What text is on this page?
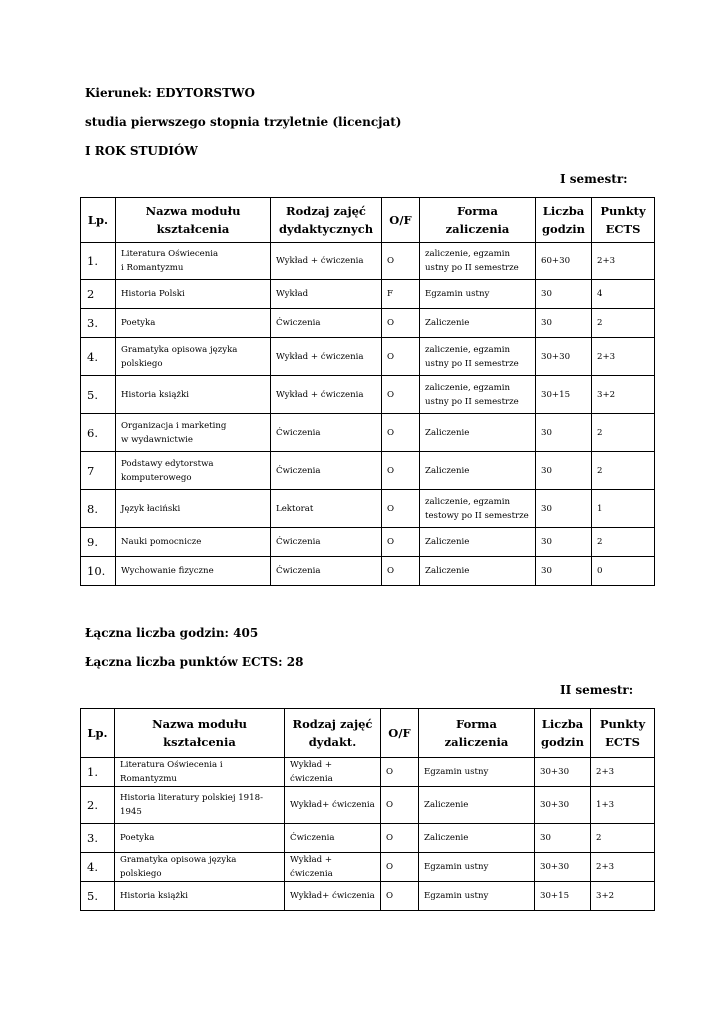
Kierunek: EDYTORSTWO
studia pierwszego stopnia trzyletnie (licencjat)
I ROK STUDIÓW
I semestr:
Lp.	Nazwa modułu
kształcenia	Rodzaj zajęć
dydaktycznych	O/F	Forma zaliczenia	Liczba
godzin	Punkty
ECTS
1.	Literatura Oświecenia
i Romantyzmu	Wykład + ćwiczenia	O	zaliczenie, egzamin
ustny po II semestrze	60+30	2+3
2	Historia Polski	Wykład	F	Egzamin ustny	30	4
3.	Poetyka	Ćwiczenia	O	Zaliczenie	30	2
4.	Gramatyka opisowa języka
polskiego	Wykład + ćwiczenia	O	zaliczenie, egzamin
ustny po II semestrze	30+30	2+3
5.	Historia książki	Wykład + ćwiczenia	O	zaliczenie, egzamin
ustny po II semestrze	30+15	3+2
6.	Organizacja i marketing
w wydawnictwie	Ćwiczenia	O	Zaliczenie	30	2
7	Podstawy edytorstwa
komputerowego	Ćwiczenia	O	Zaliczenie	30	2
8.	Język łaciński	Lektorat	O	zaliczenie, egzamin
testowy po II semestrze	30	1
9.	Nauki pomocnicze	Ćwiczenia	O	Zaliczenie	30	2
10.	Wychowanie fizyczne	Ćwiczenia	O	Zaliczenie	30	0
Łączna liczba godzin: 405
Łączna liczba punktów ECTS: 28
II semestr:
Lp.	Nazwa modułu kształcenia	Rodzaj zajęć
dydakt.	O/F	Forma zaliczenia	Liczba
godzin	Punkty
ECTS
1.	Literatura Oświecenia i Romantyzmu	Wykład + ćwiczenia	O	Egzamin ustny	30+30	2+3
2.	Historia literatury polskiej 1918-
1945	Wykład+ ćwiczenia	O	Zaliczenie	30+30	1+3
3.	Poetyka	Ćwiczenia	O	Zaliczenie	30	2
4.	Gramatyka opisowa języka polskiego	Wykład + ćwiczenia	O	Egzamin ustny	30+30	2+3
5.	Historia książki	Wykład+ ćwiczenia	O	Egzamin ustny	30+15	3+2
